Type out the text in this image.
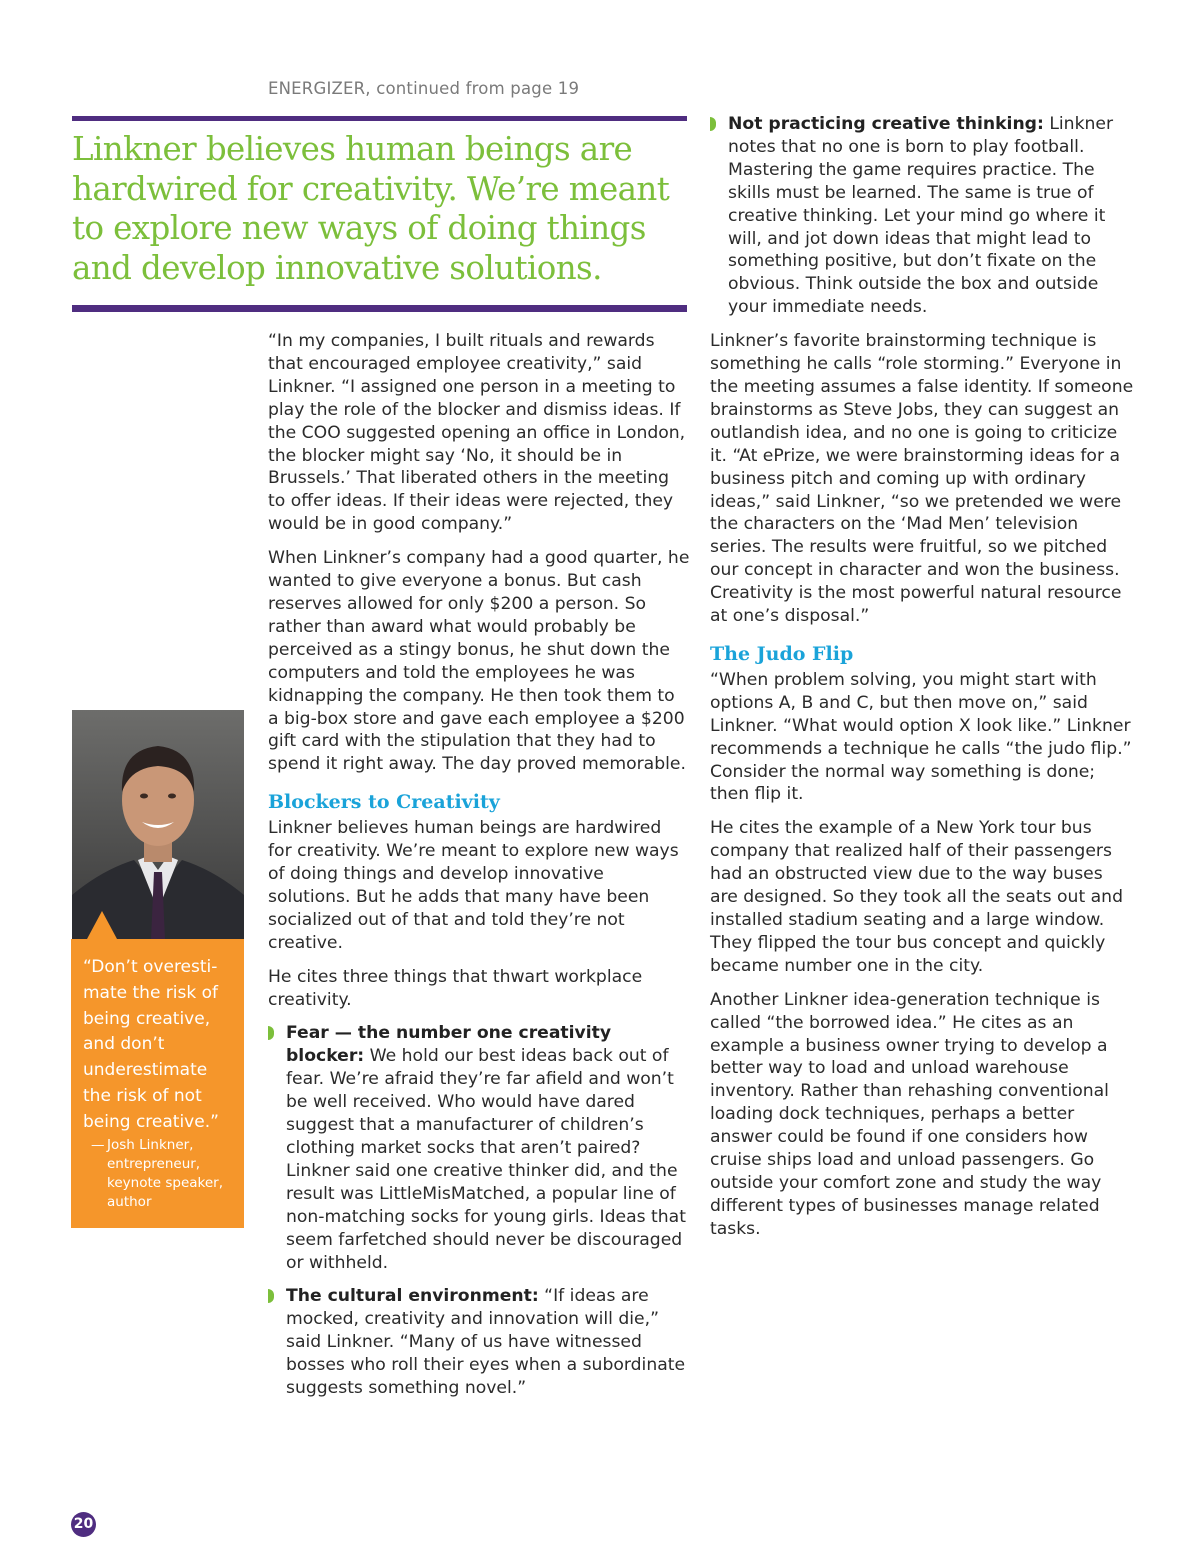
ENERGIZER, continued from page 19

Linkner believes human beings are hardwired for creativity. We’re meant to explore new ways of doing things and develop innovative solutions.

“Don’t overesti-mate the risk of being creative, and don’t underestimate the risk of not being creative.”

— Josh Linkner, entrepreneur, keynote speaker, author

“In my companies, I built rituals and rewards that encouraged employee creativity,” said Linkner. “I assigned one person in a meeting to play the role of the blocker and dismiss ideas. If the COO suggested opening an office in London, the blocker might say ‘No, it should be in Brussels.’ That liberated others in the meeting to offer ideas. If their ideas were rejected, they would be in good company.”

When Linkner’s company had a good quarter, he wanted to give everyone a bonus. But cash reserves allowed for only $200 a person. So rather than award what would probably be perceived as a stingy bonus, he shut down the computers and told the employees he was kidnapping the company. He then took them to a big-box store and gave each employee a $200 gift card with the stipulation that they had to spend it right away. The day proved memorable.

Blockers to Creativity

Linkner believes human beings are hardwired for creativity. We’re meant to explore new ways of doing things and develop innovative solutions. But he adds that many have been socialized out of that and told they’re not creative.

He cites three things that thwart workplace creativity.

Fear — the number one creativity blocker: We hold our best ideas back out of fear. We’re afraid they’re far afield and won’t be well received. Who would have dared suggest that a manufacturer of children’s clothing market socks that aren’t paired? Linkner said one creative thinker did, and the result was LittleMisMatched, a popular line of non-matching socks for young girls. Ideas that seem farfetched should never be discouraged or withheld.
The cultural environment: “If ideas are mocked, creativity and innovation will die,” said Linkner. “Many of us have witnessed bosses who roll their eyes when a subordinate suggests something novel.”
Not practicing creative thinking: Linkner notes that no one is born to play football. Mastering the game requires practice. The skills must be learned. The same is true of creative thinking. Let your mind go where it will, and jot down ideas that might lead to something positive, but don’t fixate on the obvious. Think outside the box and outside your immediate needs.

Linkner’s favorite brainstorming technique is something he calls “role storming.” Everyone in the meeting assumes a false identity. If someone brainstorms as Steve Jobs, they can suggest an outlandish idea, and no one is going to criticize it. “At ePrize, we were brainstorming ideas for a business pitch and coming up with ordinary ideas,” said Linkner, “so we pretended we were the characters on the ‘Mad Men’ television series. The results were fruitful, so we pitched our concept in character and won the business. Creativity is the most powerful natural resource at one’s disposal.”

The Judo Flip

“When problem solving, you might start with options A, B and C, but then move on,” said Linkner. “What would option X look like.” Linkner recommends a technique he calls “the judo flip.” Consider the normal way something is done; then flip it.

He cites the example of a New York tour bus company that realized half of their passengers had an obstructed view due to the way buses are designed. So they took all the seats out and installed stadium seating and a large window. They flipped the tour bus concept and quickly became number one in the city.

Another Linkner idea-generation technique is called “the borrowed idea.” He cites as an example a business owner trying to develop a better way to load and unload warehouse inventory. Rather than rehashing conventional loading dock techniques, perhaps a better answer could be found if one considers how cruise ships load and unload passengers. Go outside your comfort zone and study the way different types of businesses manage related tasks.

20
